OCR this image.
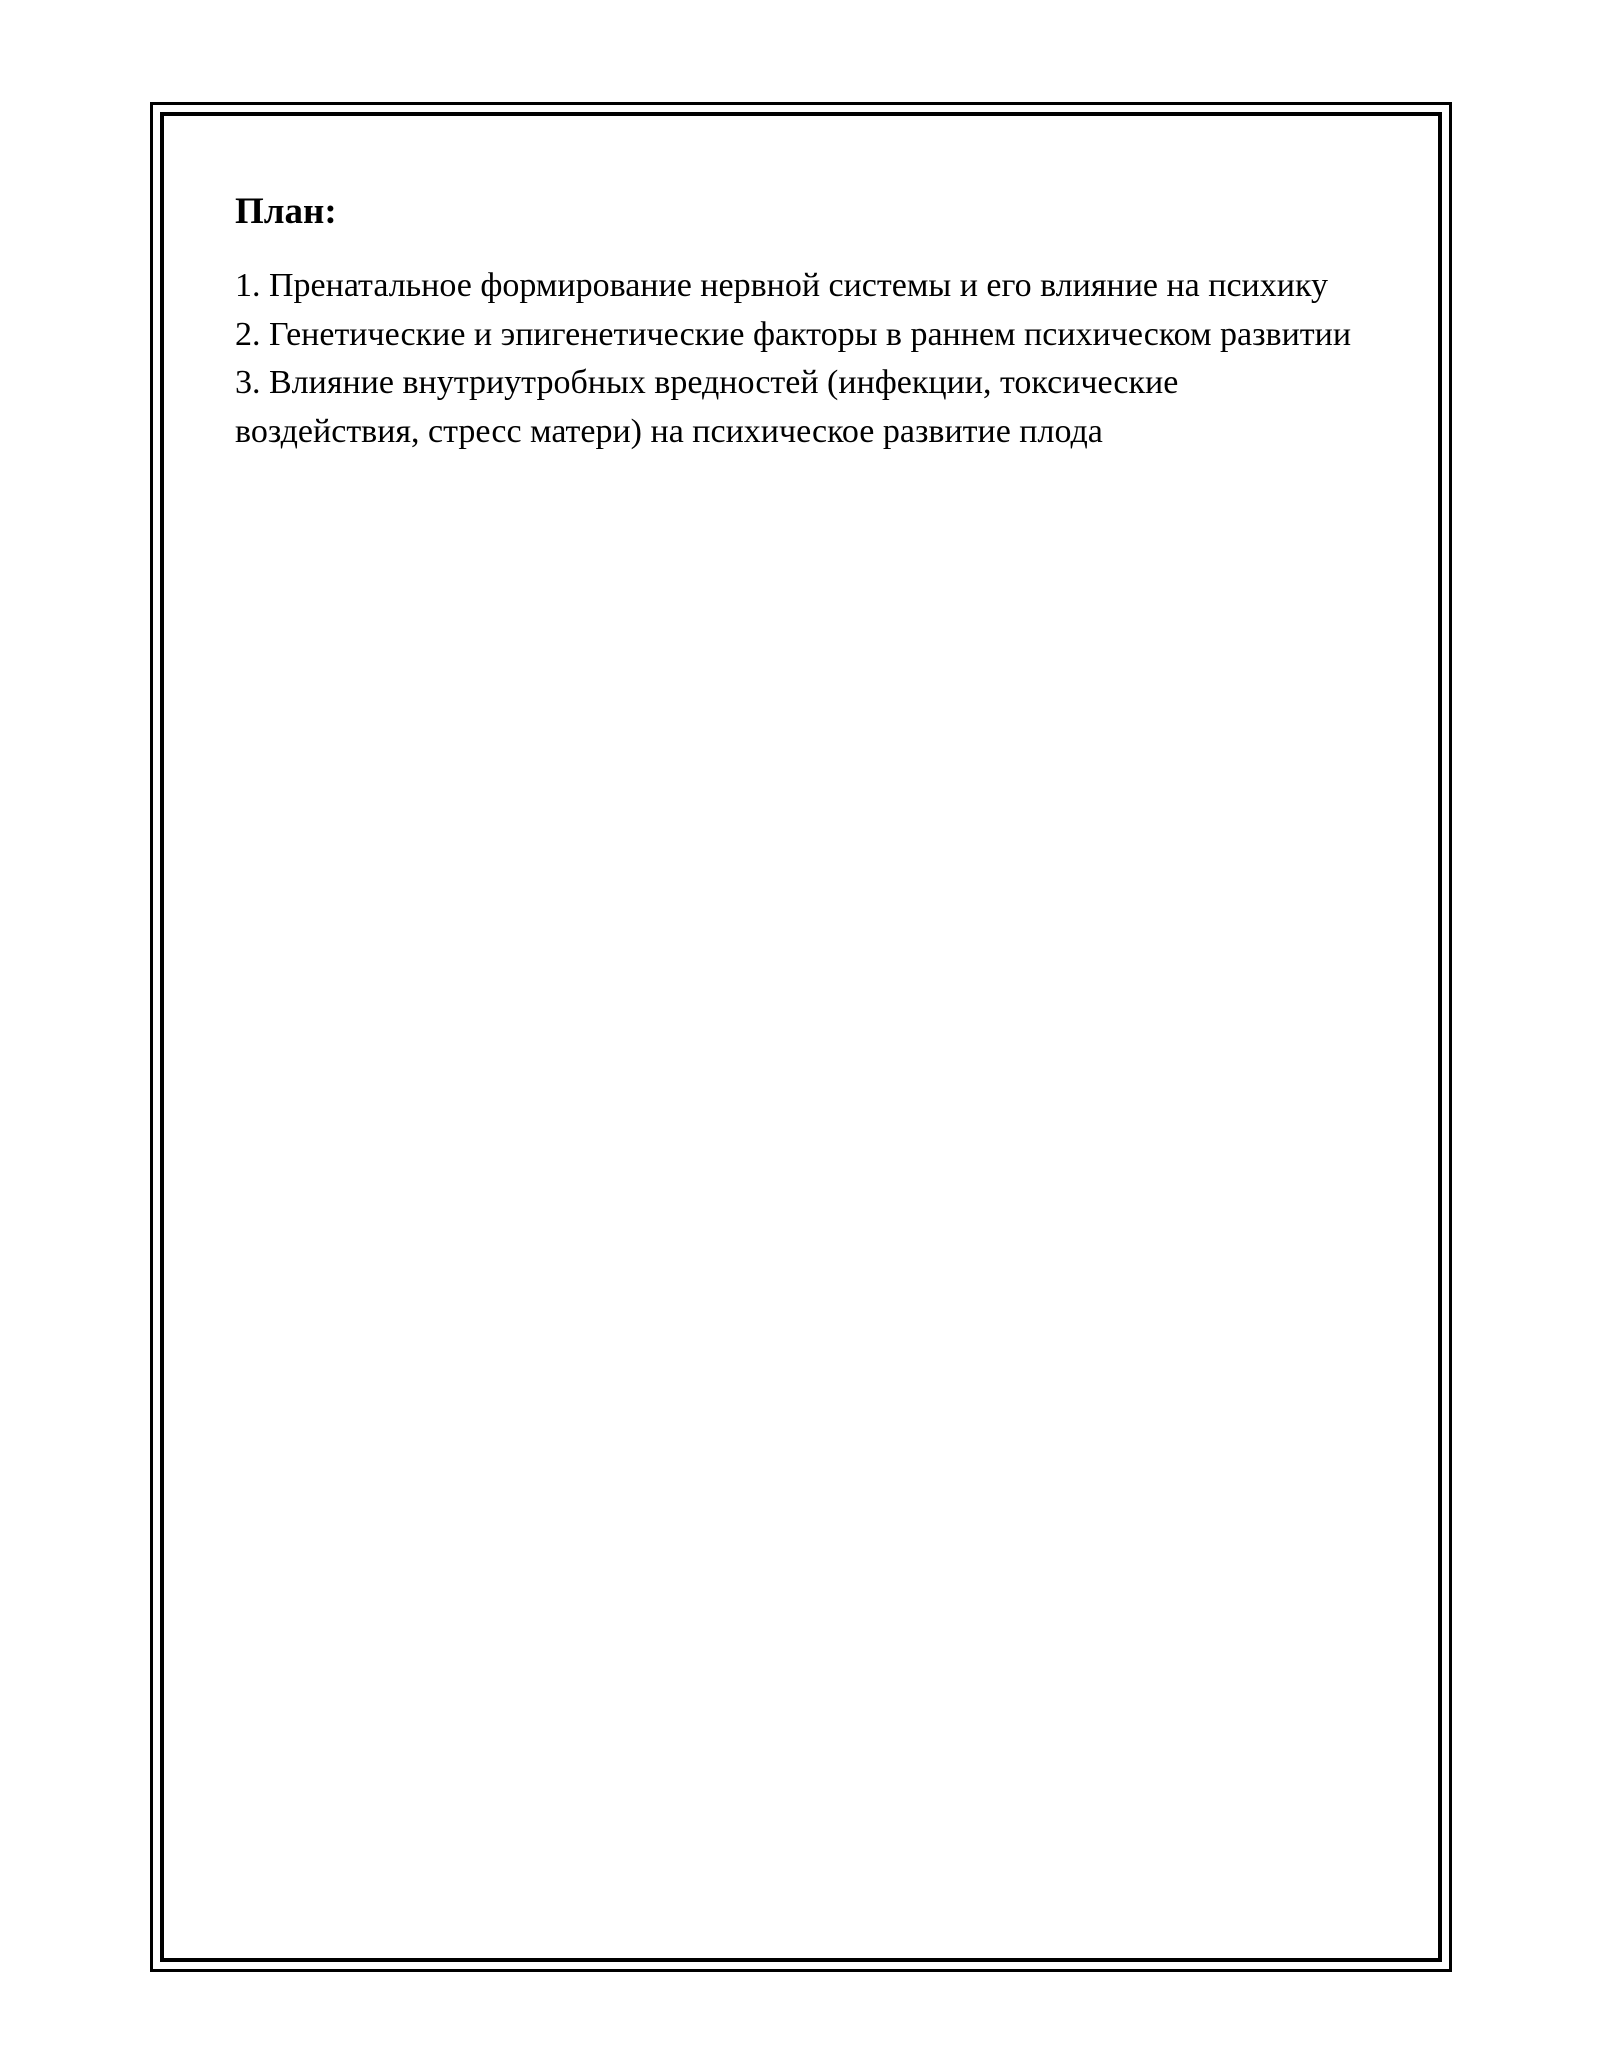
План:
1. Пренатальное формирование нервной системы и его влияние на психику
2. Генетические и эпигенетические факторы в раннем психическом развитии
3. Влияние внутриутробных вредностей (инфекции, токсические воздействия, стресс матери) на психическое развитие плода
